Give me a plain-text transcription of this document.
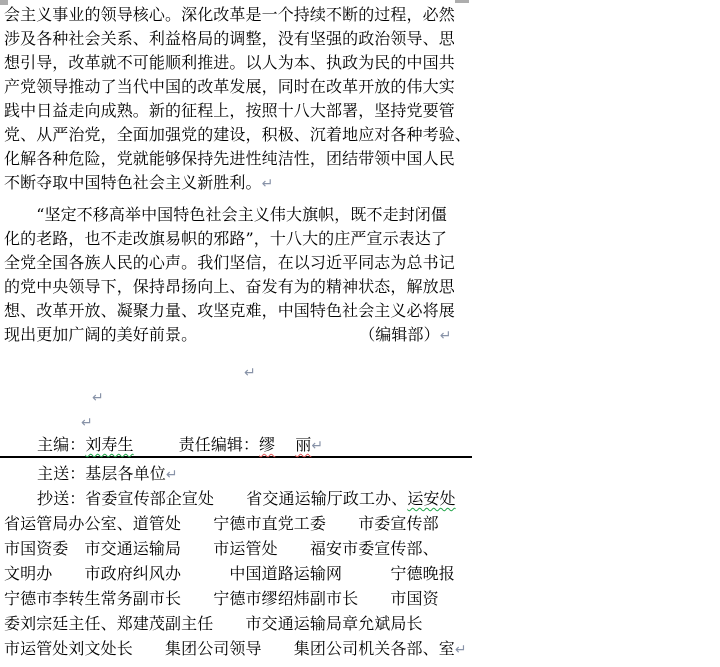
会主义事业的领导核心。深化改革是一个持续不断的过程，必然
涉及各种社会关系、利益格局的调整，没有坚强的政治领导、思
想引导，改革就不可能顺利推进。以人为本、执政为民的中国共
产党领导推动了当代中国的改革发展，同时在改革开放的伟大实
践中日益走向成熟。新的征程上，按照十八大部署，坚持党要管
党、从严治党，全面加强党的建设，积极、沉着地应对各种考验、
化解各种危险，党就能够保持先进性纯洁性，团结带领中国人民
不断夺取中国特色社会主义新胜利。↵
　　“坚定不移高举中国特色社会主义伟大旗帜，既不走封闭僵
化的老路，也不走改旗易帜的邪路”，十八大的庄严宣示表达了
全党全国各族人民的心声。我们坚信，在以习近平同志为总书记
的党中央领导下，保持昂扬向上、奋发有为的精神状态，解放思
想、改革开放、凝聚力量、攻坚克难，中国特色社会主义必将展
现出更加广阔的美好前景。	（编辑部）↵
↵
↵
↵
主编：刘寿生	责任编辑：缪 丽↵
主送：基层各单位↵
抄送：省委宣传部企宣处　　省交通运输厅政工办、运安处
省运管局办公室、道管处　　宁德市直党工委　　市委宣传部
市国资委　市交通运输局　　市运管处　　福安市委宣传部、
文明办　　市政府纠风办　　　中国道路运输网　　　宁德晚报
宁德市李转生常务副市长　　宁德市缪绍炜副市长　　市国资
委刘宗廷主任、郑建茂副主任　　市交通运输局章允斌局长
市运管处刘文处长　　集团公司领导　　集团公司机关各部、室↵
